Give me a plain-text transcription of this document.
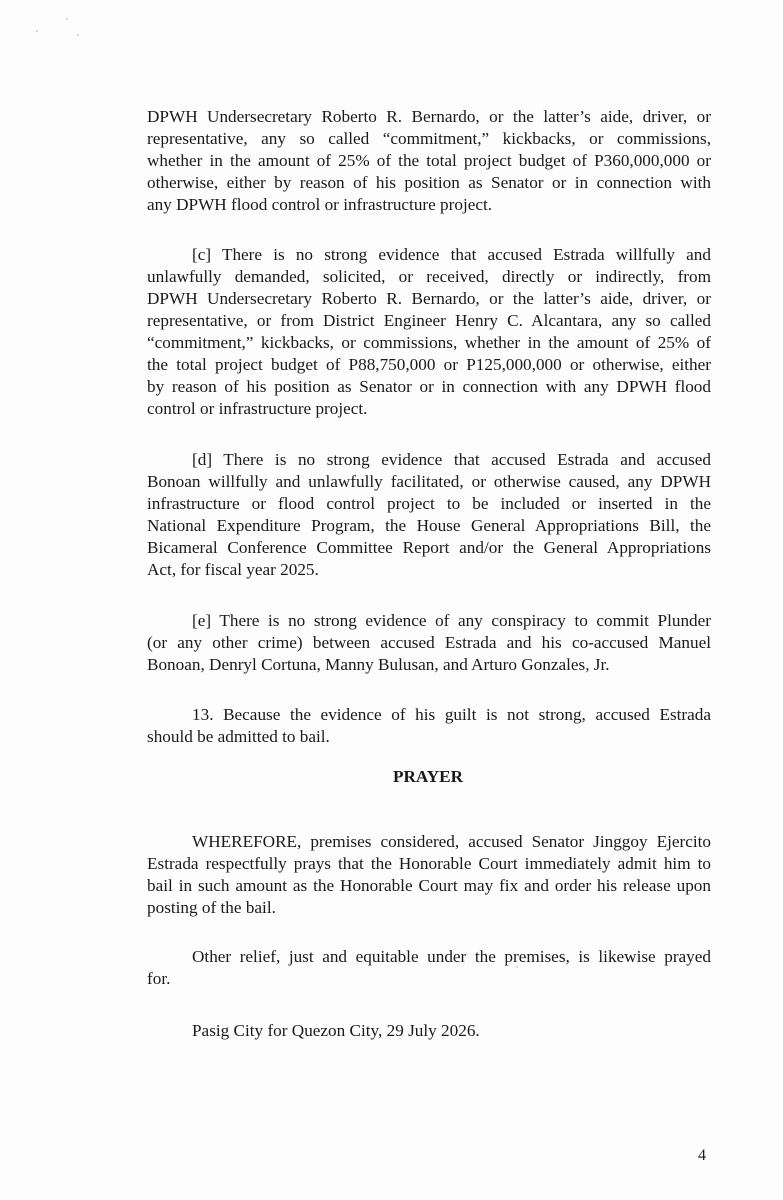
DPWH Undersecretary Roberto R. Bernardo, or the latter’s aide, driver, or
representative, any so called “commitment,” kickbacks, or commissions,
whether in the amount of 25% of the total project budget of P360,000,000 or
otherwise, either by reason of his position as Senator or in connection with
any DPWH flood control or infrastructure project.
[c] There is no strong evidence that accused Estrada willfully and
unlawfully demanded, solicited, or received, directly or indirectly, from
DPWH Undersecretary Roberto R. Bernardo, or the latter’s aide, driver, or
representative, or from District Engineer Henry C. Alcantara, any so called
“commitment,” kickbacks, or commissions, whether in the amount of 25% of
the total project budget of P88,750,000 or P125,000,000 or otherwise, either
by reason of his position as Senator or in connection with any DPWH flood
control or infrastructure project.
[d] There is no strong evidence that accused Estrada and accused
Bonoan willfully and unlawfully facilitated, or otherwise caused, any DPWH
infrastructure or flood control project to be included or inserted in the
National Expenditure Program, the House General Appropriations Bill, the
Bicameral Conference Committee Report and/or the General Appropriations
Act, for fiscal year 2025.
[e] There is no strong evidence of any conspiracy to commit Plunder
(or any other crime) between accused Estrada and his co-accused Manuel
Bonoan, Denryl Cortuna, Manny Bulusan, and Arturo Gonzales, Jr.
13. Because the evidence of his guilt is not strong, accused Estrada
should be admitted to bail.
PRAYER
WHEREFORE, premises considered, accused Senator Jinggoy Ejercito
Estrada respectfully prays that the Honorable Court immediately admit him to
bail in such amount as the Honorable Court may fix and order his release upon
posting of the bail.
Other relief, just and equitable under the premises, is likewise prayed
for.
Pasig City for Quezon City, 29 July 2026.
4
